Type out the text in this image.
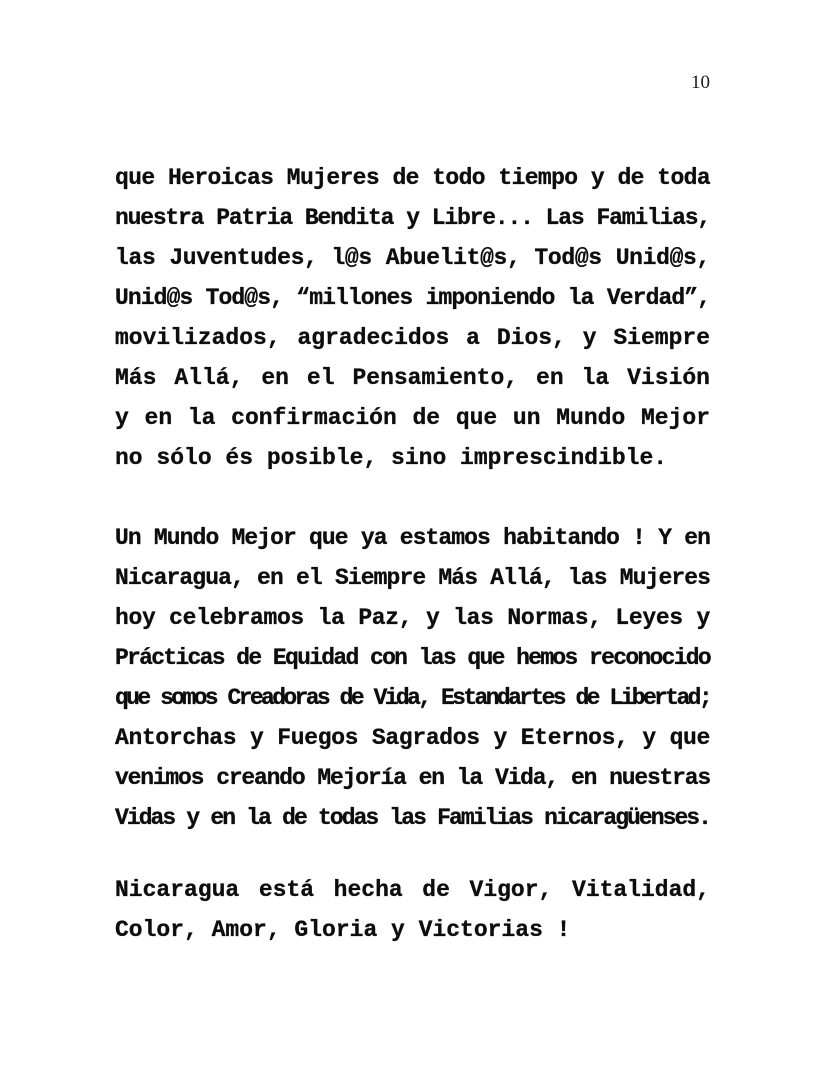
10
que Heroicas Mujeres de todo tiempo y de toda
nuestra Patria Bendita y Libre... Las Familias,
las Juventudes, l@s Abuelit@s, Tod@s Unid@s,
Unid@s Tod@s, “millones imponiendo la Verdad”,
movilizados, agradecidos a Dios, y Siempre
Más Allá, en el Pensamiento, en la Visión
y en la confirmación de que un Mundo Mejor
no sólo és posible, sino imprescindible.
Un Mundo Mejor que ya estamos habitando ! Y en
Nicaragua, en el Siempre Más Allá, las Mujeres
hoy celebramos la Paz, y las Normas, Leyes y
Prácticas de Equidad con las que hemos reconocido
que somos Creadoras de Vida, Estandartes de Libertad;
Antorchas y Fuegos Sagrados y Eternos, y que
venimos creando Mejoría en la Vida, en nuestras
Vidas y en la de todas las Familias nicaragüenses.
Nicaragua está hecha de Vigor, Vitalidad,
Color, Amor, Gloria y Victorias !
